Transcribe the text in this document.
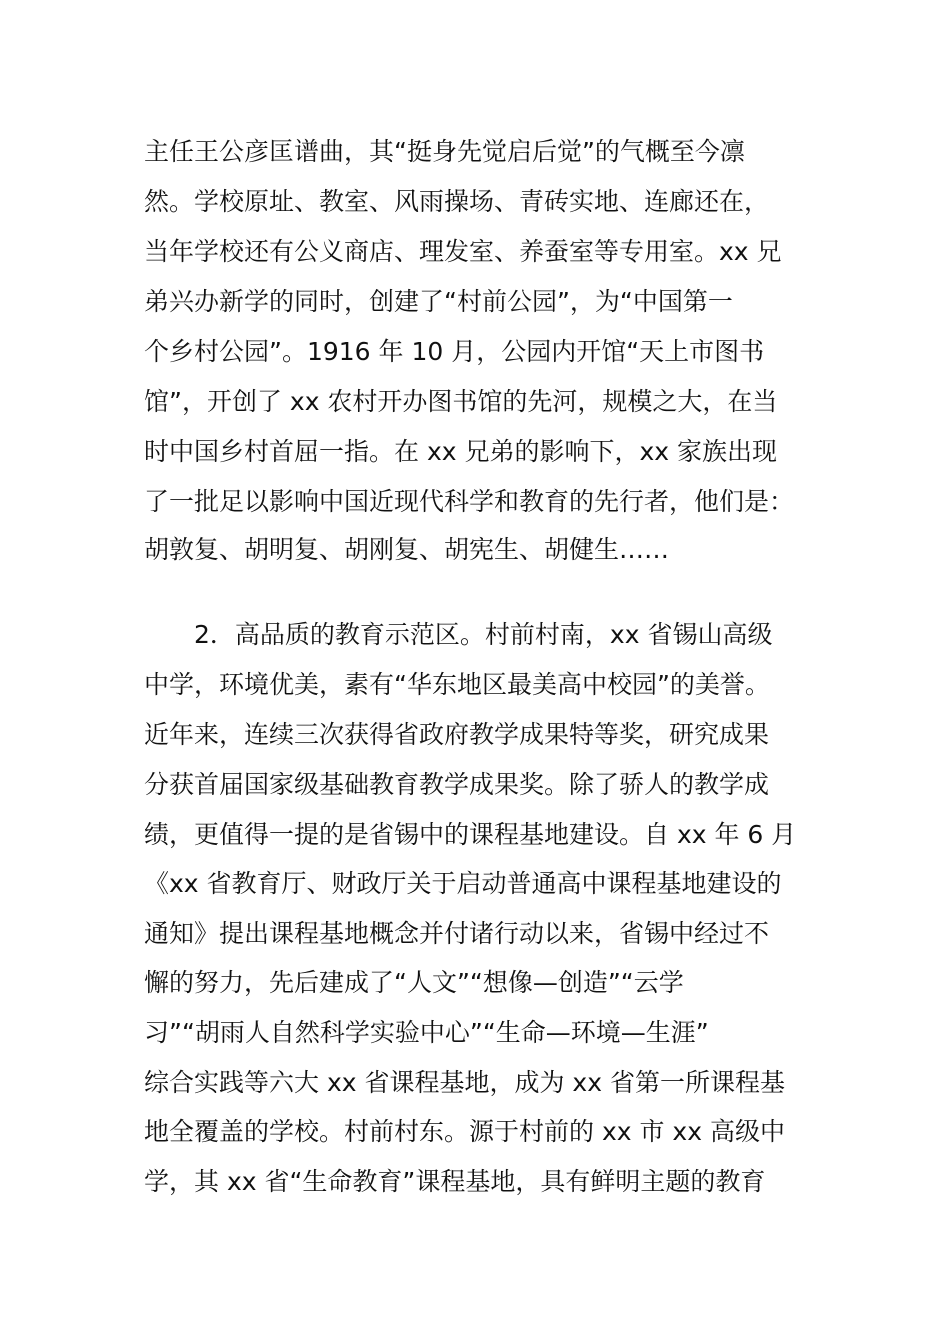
主任王公彦匡谱曲，其“挺身先觉启后觉”的气概至今凛
然。学校原址、教室、风雨操场、青砖实地、连廊还在，
当年学校还有公义商店、理发室、养蚕室等专用室。xx 兄
弟兴办新学的同时，创建了“村前公园”，为“中国第一
个乡村公园”。1916 年 10 月，公园内开馆“天上市图书
馆”，开创了 xx 农村开办图书馆的先河，规模之大，在当
时中国乡村首屈一指。在 xx 兄弟的影响下，xx 家族出现
了一批足以影响中国近现代科学和教育的先行者，他们是：
胡敦复、胡明复、胡刚复、胡宪生、胡健生……
2．高品质的教育示范区。村前村南，xx 省锡山高级
中学，环境优美，素有“华东地区最美高中校园”的美誉。
近年来，连续三次获得省政府教学成果特等奖，研究成果
分获首届国家级基础教育教学成果奖。除了骄人的教学成
绩，更值得一提的是省锡中的课程基地建设。自 xx 年 6 月
《xx 省教育厅、财政厅关于启动普通高中课程基地建设的
通知》提出课程基地概念并付诸行动以来，省锡中经过不
懈的努力，先后建成了“人文”“想像—创造”“云学
习”“胡雨人自然科学实验中心”“生命—环境—生涯”
综合实践等六大 xx 省课程基地，成为 xx 省第一所课程基
地全覆盖的学校。村前村东。源于村前的 xx 市 xx 高级中
学，其 xx 省“生命教育”课程基地，具有鲜明主题的教育
